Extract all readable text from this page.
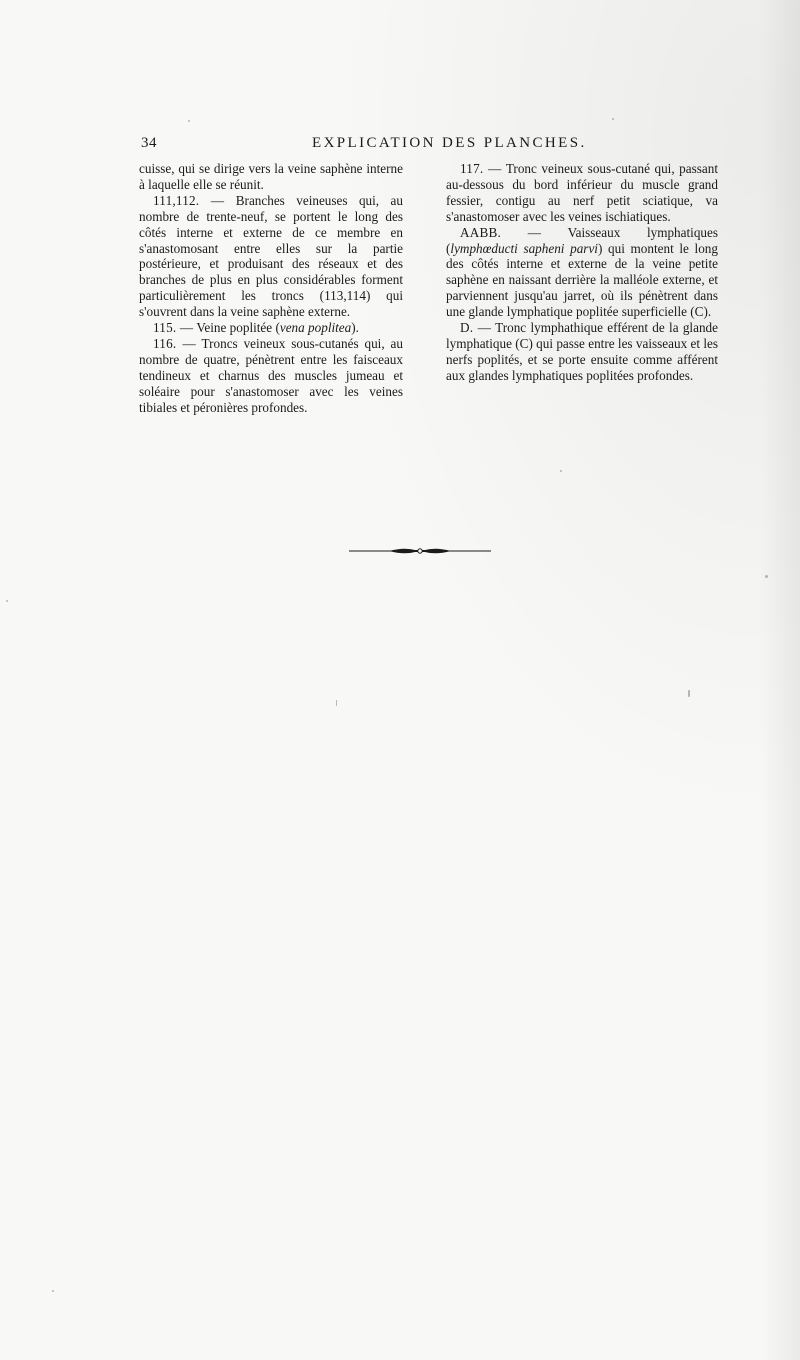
34	EXPLICATION DES PLANCHES.

cuisse, qui se dirige vers la veine saphène interne à laquelle elle se réunit.

111,112. — Branches veineuses qui, au nombre de trente-neuf, se portent le long des côtés interne et externe de ce membre en s'anastomosant entre elles sur la partie postérieure, et produisant des réseaux et des branches de plus en plus considérables forment particulièrement les troncs (113,114) qui s'ouvrent dans la veine saphène externe.

115. — Veine poplitée (vena poplitea).

116. — Troncs veineux sous-cutanés qui, au nombre de quatre, pénètrent entre les faisceaux tendineux et charnus des muscles jumeau et soléaire pour s'anastomoser avec les veines tibiales et péronières profondes.

117. — Tronc veineux sous-cutané qui, passant au-dessous du bord inférieur du muscle grand fessier, contigu au nerf petit sciatique, va s'anastomoser avec les veines ischiatiques.

AABB. — Vaisseaux lymphatiques (lymphœducti sapheni parvi) qui montent le long des côtés interne et externe de la veine petite saphène en naissant derrière la malléole externe, et parviennent jusqu'au jarret, où ils pénètrent dans une glande lymphatique poplitée superficielle (C).

D. — Tronc lymphathique efférent de la glande lymphatique (C) qui passe entre les vaisseaux et les nerfs poplités, et se porte ensuite comme afférent aux glandes lymphatiques poplitées profondes.
